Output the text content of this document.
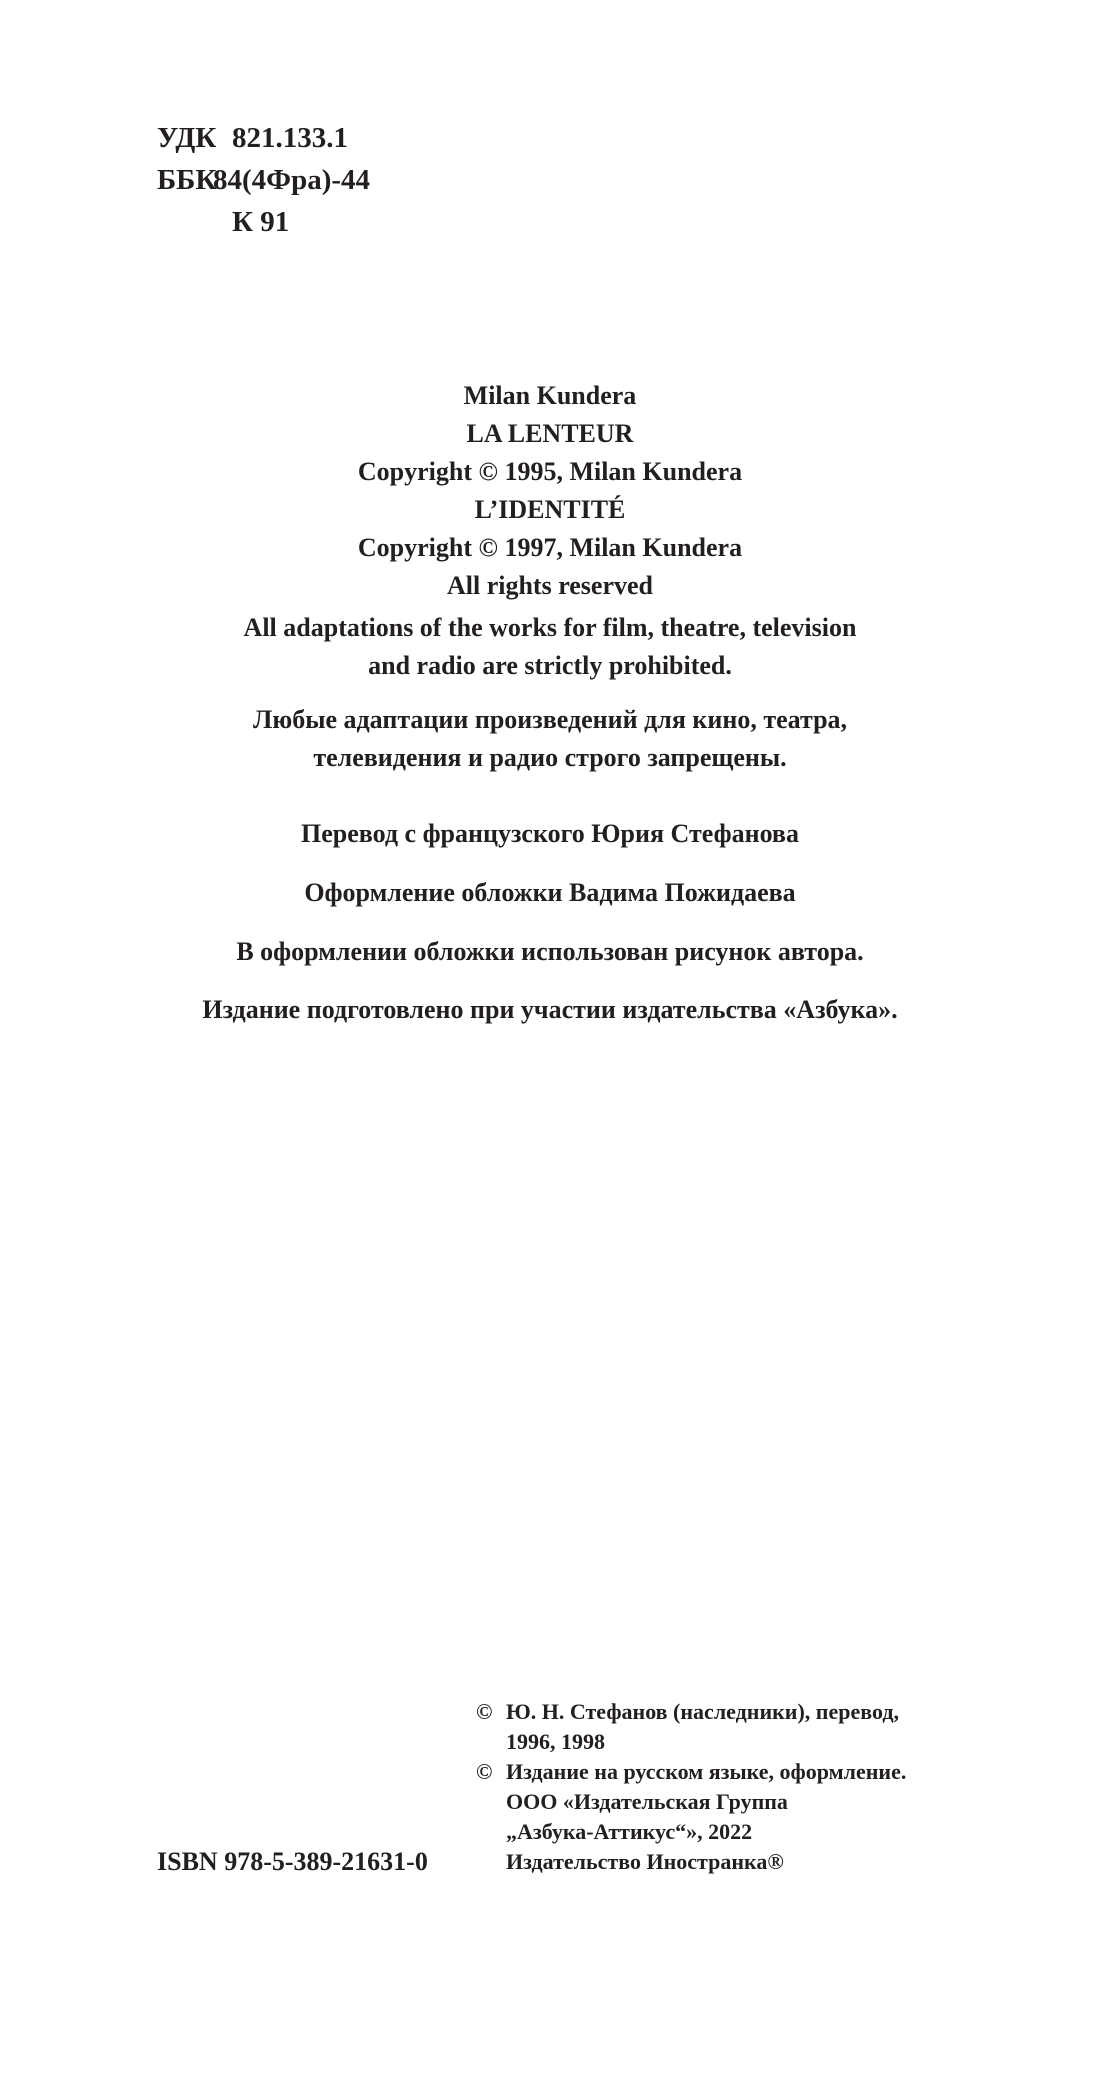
УДК 821.133.1
ББК
84(4Фра)-44
К 91
Milan Kundera
LA LENTEUR
Copyright © 1995, Milan Kundera
L’IDENTITÉ
Copyright © 1997, Milan Kundera
All rights reserved
All adaptations of the works for film, theatre, television
and radio are strictly prohibited.
Любые адаптации произведений для кино, театра,
телевидения и радио строго запрещены.
Перевод с французского Юрия Стефанова
Оформление обложки Вадима Пожидаева
В оформлении обложки использован рисунок автора.
Издание подготовлено при участии издательства «Азбука».
© Ю. Н. Стефанов (наследники), перевод,
1996, 1998
© Издание на русском языке, оформление.
ООО «Издательская Группа
„Азбука-Аттикус“», 2022
Издательство Иностранка®
ISBN 978-5-389-21631-0
